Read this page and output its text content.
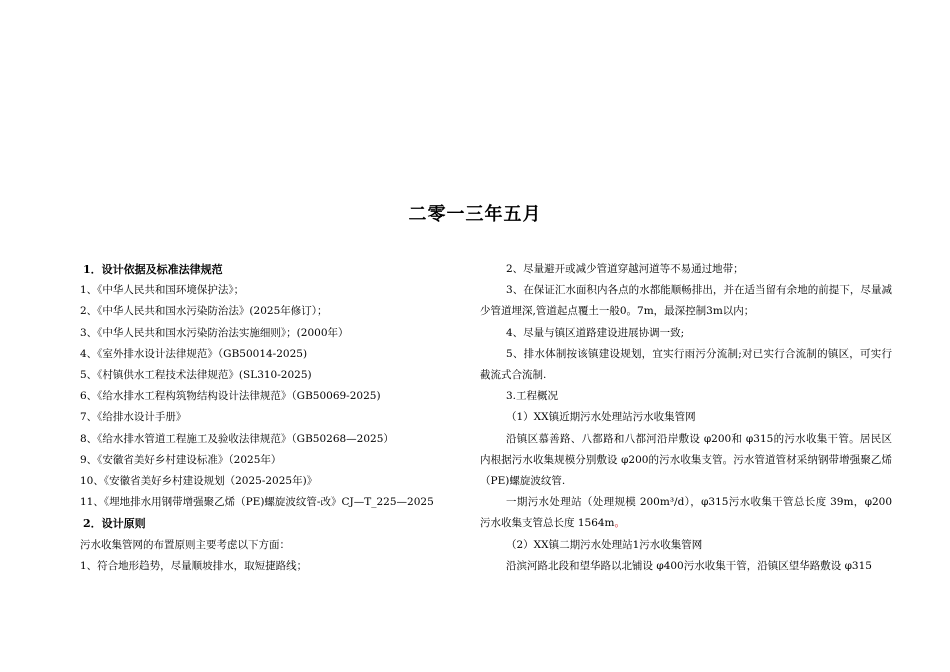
二零一三年五月
1．设计依据及标准法律规范
1、《中华人民共和国环境保护法》；
2、《中华人民共和国水污染防治法》(2025年修订）；
3、《中华人民共和国水污染防治法实施细则》；(2000年）
4、《室外排水设计法律规范》（GB50014-2025)
5、《村镇供水工程技术法律规范》(SL310-2025)
6、《给水排水工程构筑物结构设计法律规范》（GB50069-2025)
7、《给排水设计手册》
8、《给水排水管道工程施工及验收法律规范》（GB50268—2025）
9、《安徽省美好乡村建设标准》（2025年）
10、《安徽省美好乡村建设规划（2025-2025年)》
11、《埋地排水用钢带增强聚乙烯（PE)螺旋波纹管-改》CJ—T_225—2025
2．设计原则
污水收集管网的布置原则主要考虑以下方面：
1、符合地形趋势，尽量顺坡排水，取短捷路线；
2、尽量避开或减少管道穿越河道等不易通过地带；
3、在保证汇水面积内各点的水都能顺畅排出，并在适当留有余地的前提下，尽量减少管道埋深,管道起点覆土一般0。7m，最深控制3m以内；
4、尽量与镇区道路建设进展协调一致;
5、排水体制按该镇建设规划，宜实行雨污分流制;对已实行合流制的镇区，可实行截流式合流制.
3.工程概况
（1）XX镇近期污水处理站污水收集管网
沿镇区慕善路、八都路和八都河沿岸敷设 φ200和 φ315的污水收集干管。居民区内根据污水收集规模分别敷设 φ200的污水收集支管。污水管道管材采纳钢带增强聚乙烯（PE)螺旋波纹管.
一期污水处理站（处理规模 200m³/d），φ315污水收集干管总长度 39m，φ200污水收集支管总长度 1564m。
（2）XX镇二期污水处理站1污水收集管网
沿滨河路北段和望华路以北铺设 φ400污水收集干管，沿镇区望华路敷设 φ315
